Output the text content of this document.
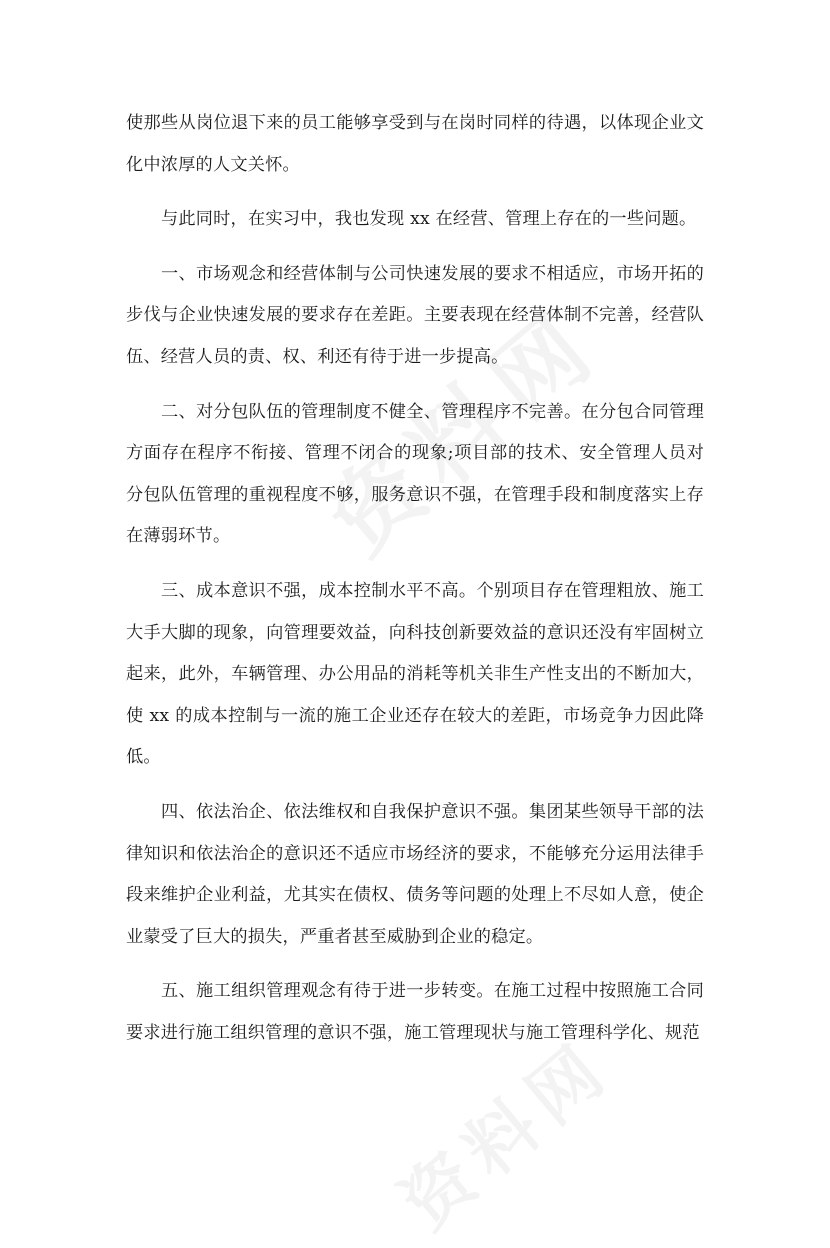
使那些从岗位退下来的员工能够享受到与在岗时同样的待遇，以体现企业文化中浓厚的人文关怀。

与此同时，在实习中，我也发现 xx 在经营、管理上存在的一些问题。

一、市场观念和经营体制与公司快速发展的要求不相适应，市场开拓的步伐与企业快速发展的要求存在差距。主要表现在经营体制不完善，经营队伍、经营人员的责、权、利还有待于进一步提高。

二、对分包队伍的管理制度不健全、管理程序不完善。在分包合同管理方面存在程序不衔接、管理不闭合的现象;项目部的技术、安全管理人员对分包队伍管理的重视程度不够，服务意识不强，在管理手段和制度落实上存在薄弱环节。

三、成本意识不强，成本控制水平不高。个别项目存在管理粗放、施工大手大脚的现象，向管理要效益，向科技创新要效益的意识还没有牢固树立起来，此外，车辆管理、办公用品的消耗等机关非生产性支出的不断加大，使 xx 的成本控制与一流的施工企业还存在较大的差距，市场竞争力因此降低。

四、依法治企、依法维权和自我保护意识不强。集团某些领导干部的法律知识和依法治企的意识还不适应市场经济的要求，不能够充分运用法律手段来维护企业利益，尤其实在债权、债务等问题的处理上不尽如人意，使企业蒙受了巨大的损失，严重者甚至威胁到企业的稳定。

五、施工组织管理观念有待于进一步转变。在施工过程中按照施工合同要求进行施工组织管理的意识不强，施工管理现状与施工管理科学化、规范
